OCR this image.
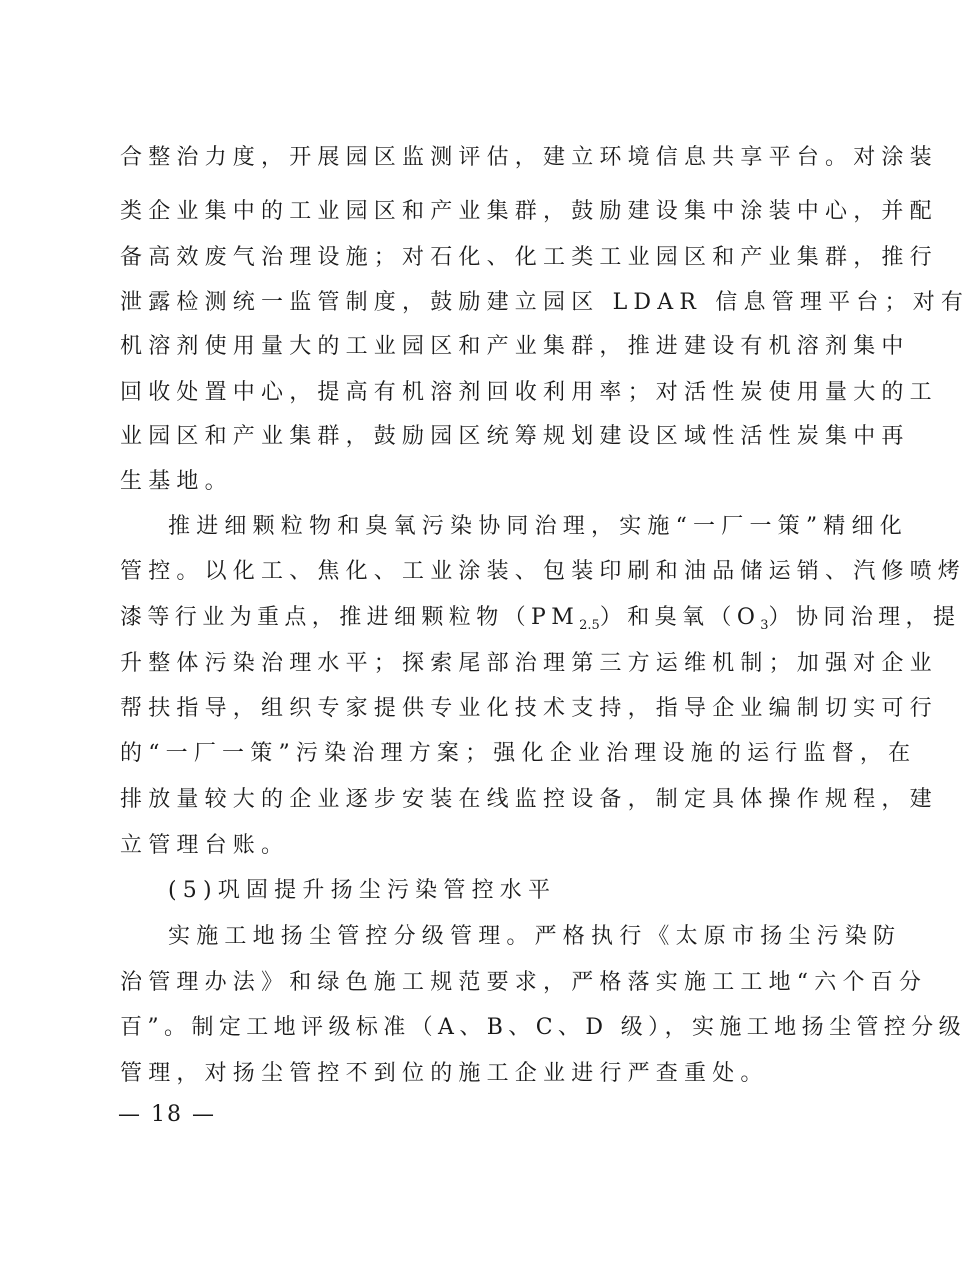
合整治力度，开展园区监测评估，建立环境信息共享平台。对涂装
类企业集中的工业园区和产业集群，鼓励建设集中涂装中心，并配
备高效废气治理设施；对石化、化工类工业园区和产业集群，推行
泄露检测统一监管制度，鼓励建立园区 LDAR 信息管理平台；对有
机溶剂使用量大的工业园区和产业集群，推进建设有机溶剂集中
回收处置中心，提高有机溶剂回收利用率；对活性炭使用量大的工
业园区和产业集群，鼓励园区统筹规划建设区域性活性炭集中再
生基地。
推进细颗粒物和臭氧污染协同治理，实施“一厂一策”精细化
管控。以化工、焦化、工业涂装、包装印刷和油品储运销、汽修喷烤
漆等行业为重点，推进细颗粒物$(PM_{2.5})$和臭氧$(O_3)$协同治理，提
升整体污染治理水平；探索尾部治理第三方运维机制；加强对企业
帮扶指导，组织专家提供专业化技术支持，指导企业编制切实可行
的“一厂一策”污染治理方案；强化企业治理设施的运行监督，在
排放量较大的企业逐步安装在线监控设备，制定具体操作规程，建
立管理台账。
(5)巩固提升扬尘污染管控水平
实施工地扬尘管控分级管理。严格执行《太原市扬尘污染防
治管理办法》和绿色施工规范要求，严格落实施工工地“六个百分
百”。制定工地评级标准（A、B、C、D 级），实施工地扬尘管控分级
管理，对扬尘管控不到位的施工企业进行严查重处。
— 18 —
